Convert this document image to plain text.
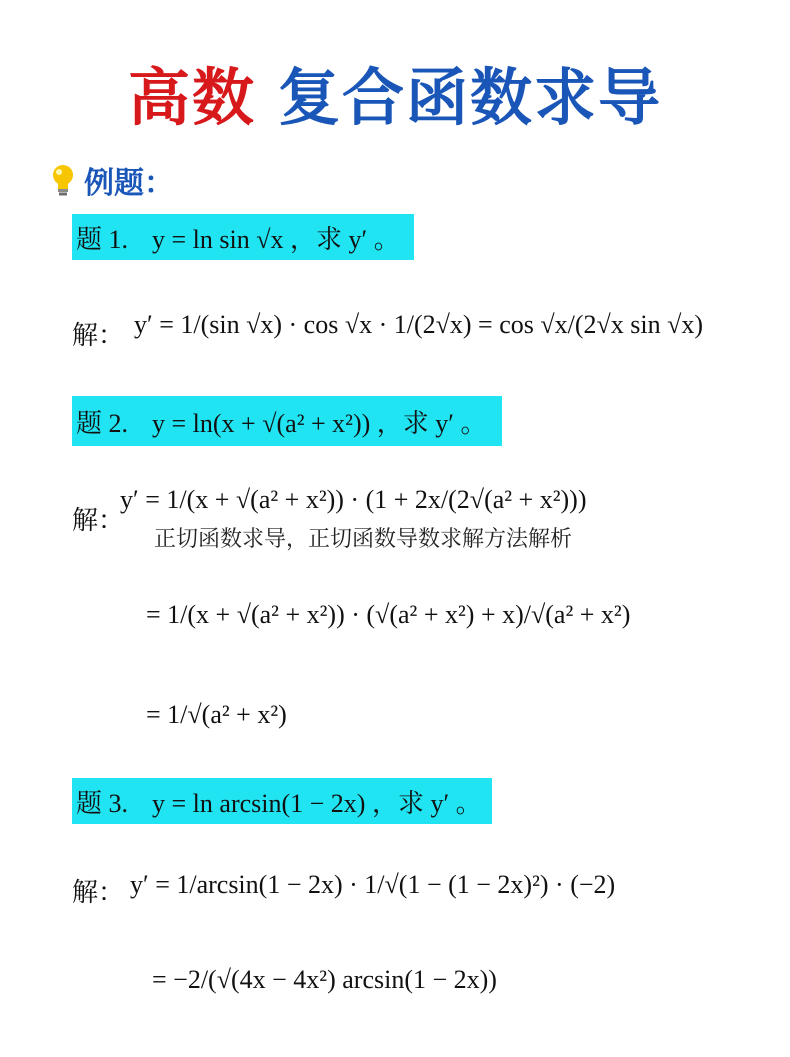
高数 复合函数求导
例题：
题 1. y = ln sin √x ，求 y′ 。
解： y′ = 1/(sin √x) · cos √x · 1/(2√x) = cos √x/(2√x sin √x)
题 2. y = ln(x + √(a² + x²)) ，求 y′ 。
解：
y′ = 1/(x + √(a² + x²)) · (1 + 2x/(2√(a² + x²)))
= 1/(x + √(a² + x²)) · (√(a² + x²) + x)/√(a² + x²)
= 1/√(a² + x²)
题 3. y = ln arcsin(1 − 2x) ，求 y′ 。
解： y′ = 1/arcsin(1 − 2x) · 1/√(1 − (1 − 2x)²) · (−2)
= −2/(√(4x − 4x²) arcsin(1 − 2x))
正切函数求导，正切函数导数求解方法解析
